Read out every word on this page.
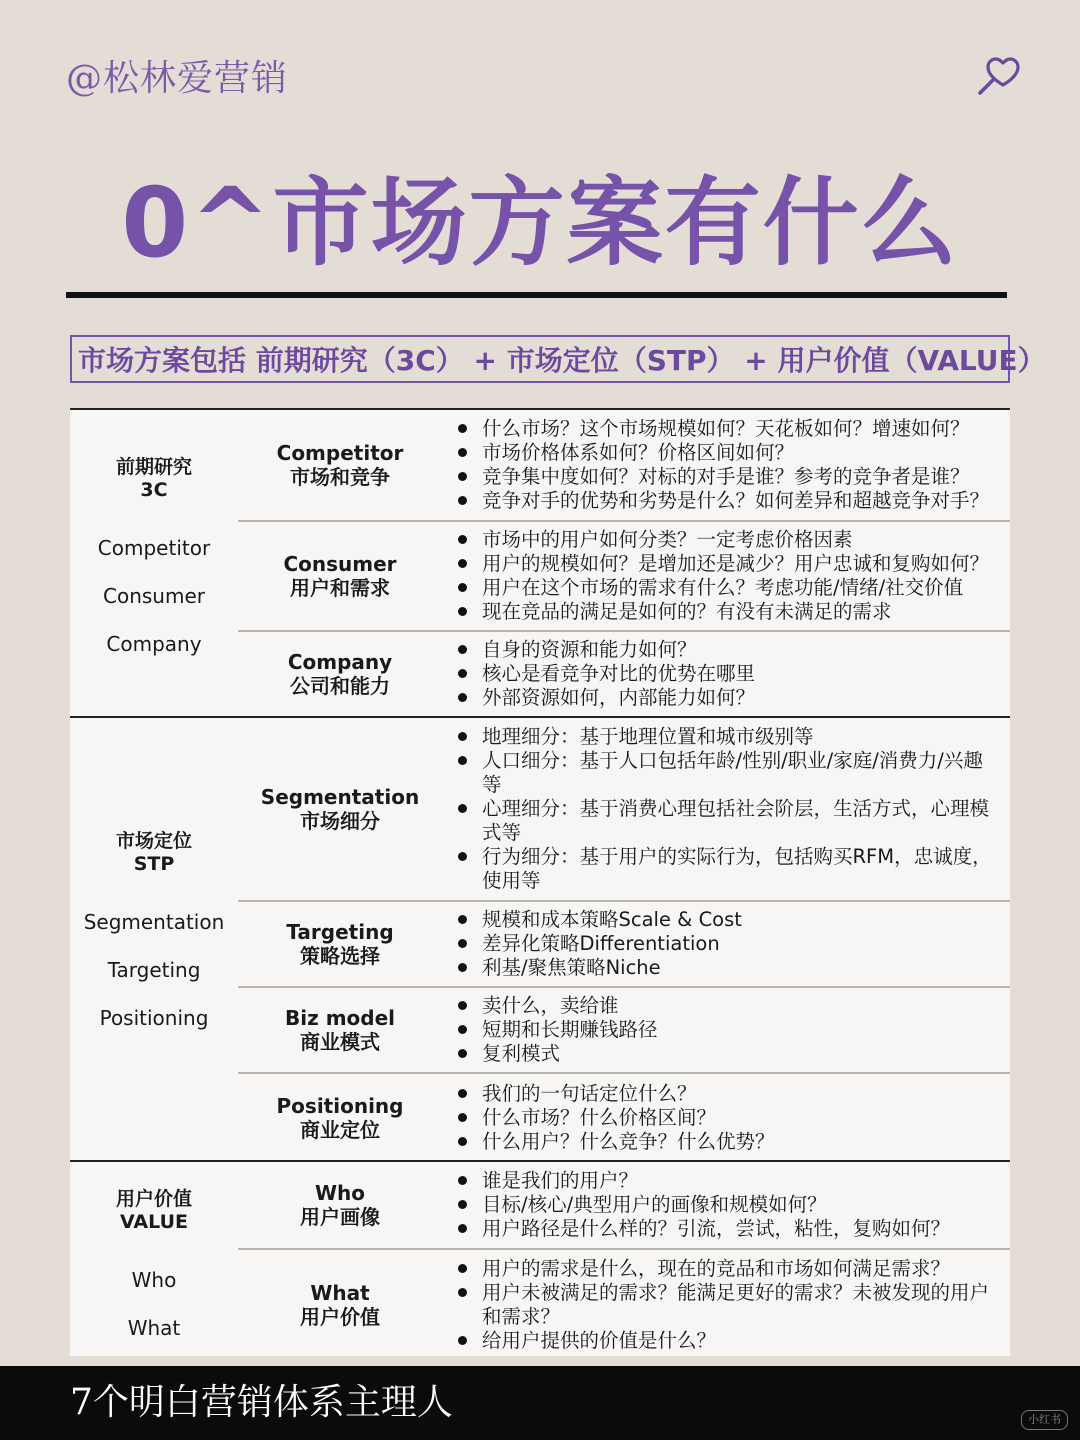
@松林爱营销
0^市场方案有什么
市场方案包括 前期研究（3C） + 市场定位（STP） + 用户价值（VALUE）
前期研究
3C
Competitor
Consumer
Company
Competitor
市场和竞争
什么市场？这个市场规模如何？天花板如何？增速如何？
市场价格体系如何？价格区间如何？
竞争集中度如何？对标的对手是谁？参考的竞争者是谁？
竞争对手的优势和劣势是什么？如何差异和超越竞争对手？
Consumer
用户和需求
市场中的用户如何分类？一定考虑价格因素
用户的规模如何？是增加还是减少？用户忠诚和复购如何？
用户在这个市场的需求有什么？考虑功能/情绪/社交价值
现在竞品的满足是如何的？有没有未满足的需求
Company
公司和能力
自身的资源和能力如何？
核心是看竞争对比的优势在哪里
外部资源如何，内部能力如何？
市场定位
STP
Segmentation
Targeting
Positioning
Segmentation
市场细分
地理细分：基于地理位置和城市级别等
人口细分：基于人口包括年龄/性别/职业/家庭/消费力/兴趣等
心理细分：基于消费心理包括社会阶层，生活方式，心理模式等
行为细分：基于用户的实际行为，包括购买RFM，忠诚度，使用等
Targeting
策略选择
规模和成本策略Scale & Cost
差异化策略Differentiation
利基/聚焦策略Niche
Biz model
商业模式
卖什么，卖给谁
短期和长期赚钱路径
复利模式
Positioning
商业定位
我们的一句话定位什么？
什么市场？什么价格区间？
什么用户？什么竞争？什么优势？
用户价值
VALUE
Who
What
Who
用户画像
谁是我们的用户？
目标/核心/典型用户的画像和规模如何？
用户路径是什么样的？引流，尝试，粘性，复购如何？
What
用户价值
用户的需求是什么，现在的竞品和市场如何满足需求？
用户未被满足的需求？能满足更好的需求？未被发现的用户和需求？
给用户提供的价值是什么？
7个明白营销体系主理人	小红书
